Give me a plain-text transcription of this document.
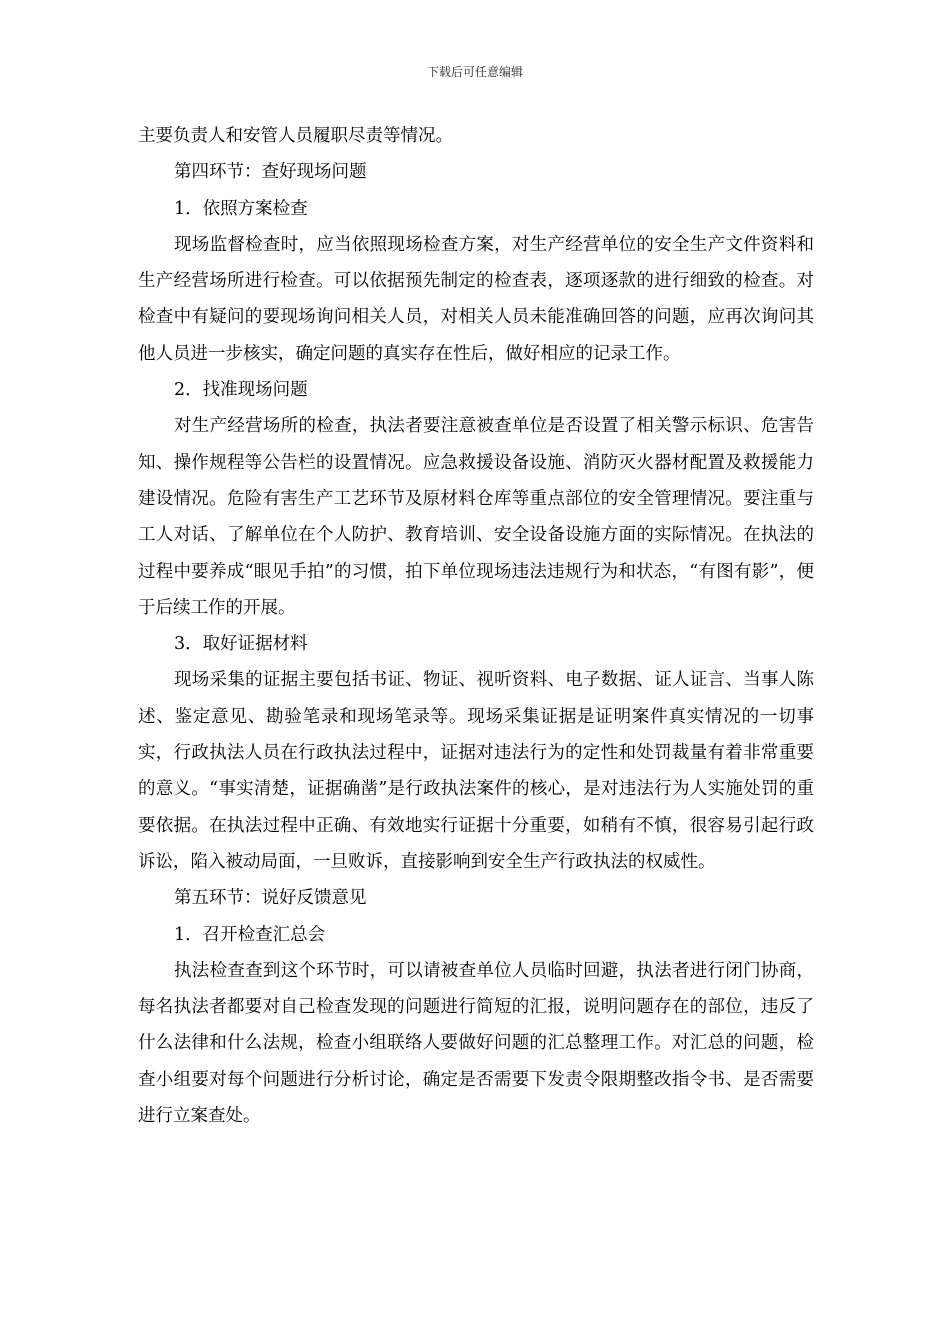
下载后可任意编辑

主要负责人和安管人员履职尽责等情况。

第四环节：查好现场问题

1．依照方案检查

现场监督检查时，应当依照现场检查方案，对生产经营单位的安全生产文件资料和生产经营场所进行检查。可以依据预先制定的检查表，逐项逐款的进行细致的检查。对检查中有疑问的要现场询问相关人员，对相关人员未能准确回答的问题，应再次询问其他人员进一步核实，确定问题的真实存在性后，做好相应的记录工作。

2．找准现场问题

对生产经营场所的检查，执法者要注意被查单位是否设置了相关警示标识、危害告知、操作规程等公告栏的设置情况。应急救援设备设施、消防灭火器材配置及救援能力建设情况。危险有害生产工艺环节及原材料仓库等重点部位的安全管理情况。要注重与工人对话、了解单位在个人防护、教育培训、安全设备设施方面的实际情况。在执法的过程中要养成“眼见手拍”的习惯，拍下单位现场违法违规行为和状态，“有图有影”，便于后续工作的开展。

3．取好证据材料

现场采集的证据主要包括书证、物证、视听资料、电子数据、证人证言、当事人陈述、鉴定意见、勘验笔录和现场笔录等。现场采集证据是证明案件真实情况的一切事实，行政执法人员在行政执法过程中，证据对违法行为的定性和处罚裁量有着非常重要的意义。“事实清楚，证据确凿”是行政执法案件的核心，是对违法行为人实施处罚的重要依据。在执法过程中正确、有效地实行证据十分重要，如稍有不慎，很容易引起行政诉讼，陷入被动局面，一旦败诉，直接影响到安全生产行政执法的权威性。

第五环节：说好反馈意见

1．召开检查汇总会

执法检查查到这个环节时，可以请被查单位人员临时回避，执法者进行闭门协商，每名执法者都要对自己检查发现的问题进行简短的汇报，说明问题存在的部位，违反了什么法律和什么法规，检查小组联络人要做好问题的汇总整理工作。对汇总的问题，检查小组要对每个问题进行分析讨论，确定是否需要下发责令限期整改指令书、是否需要进行立案查处。
